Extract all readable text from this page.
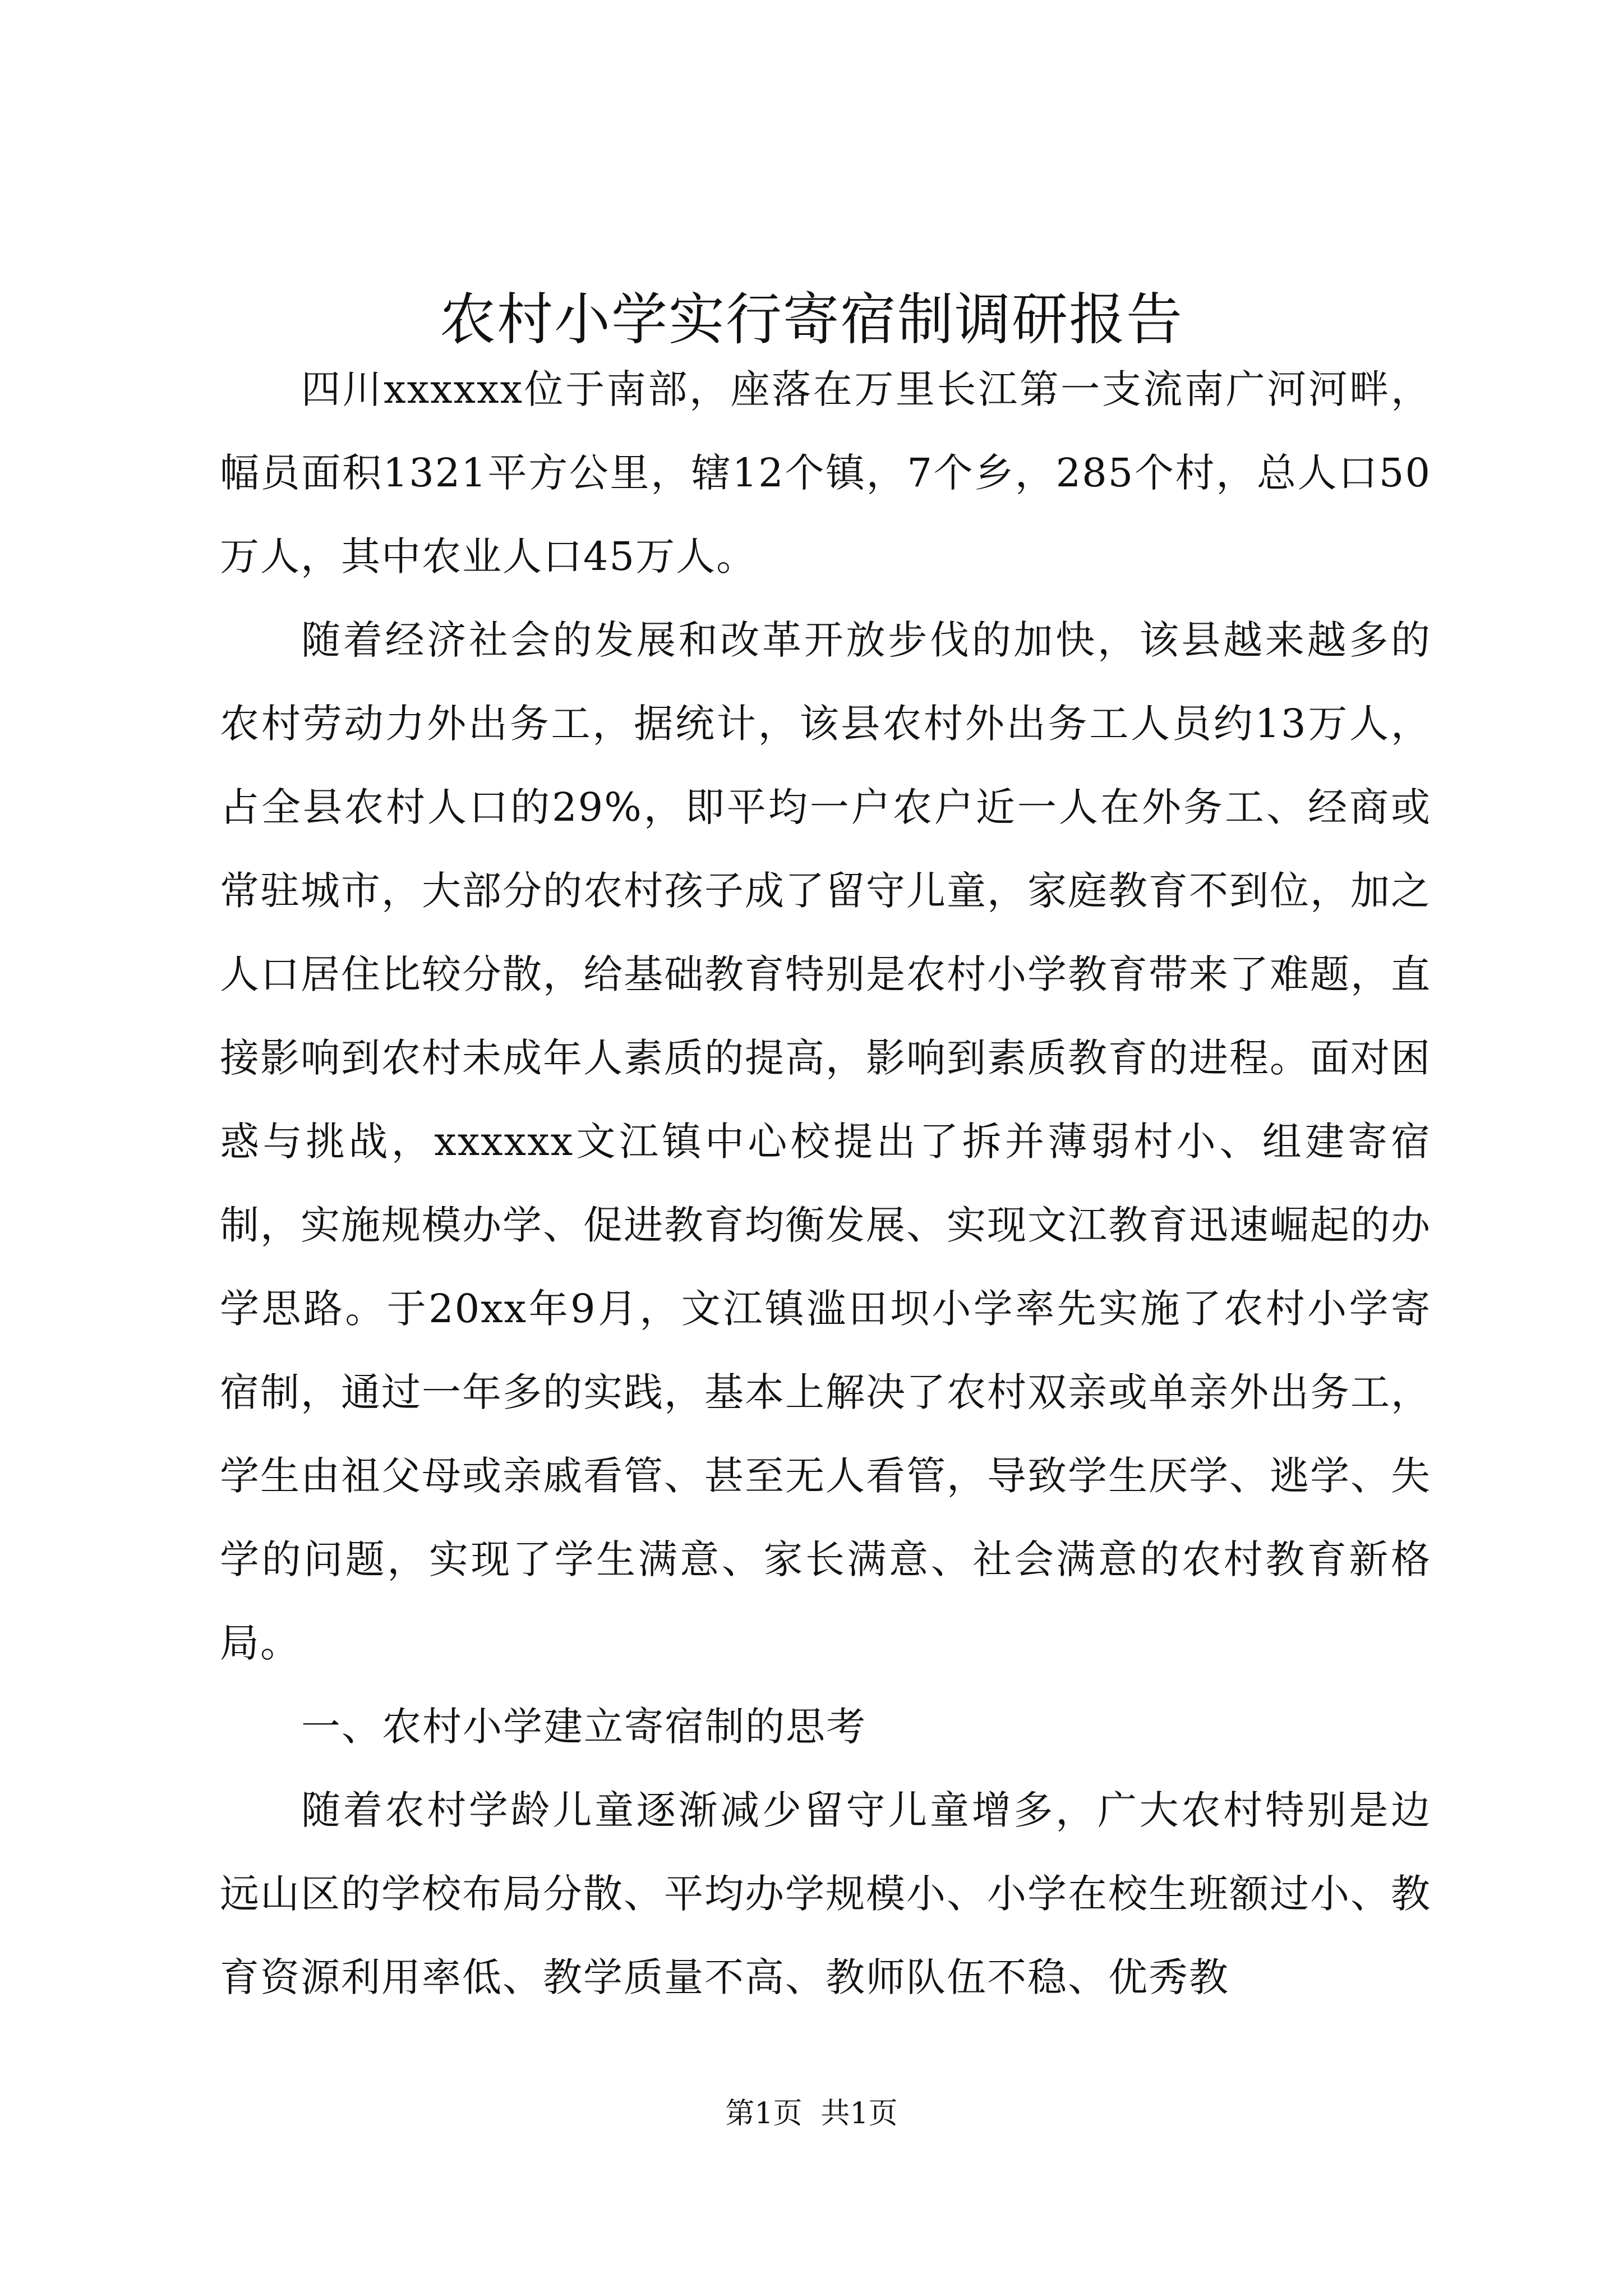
农村小学实行寄宿制调研报告

四川xxxxxx位于南部，座落在万里长江第一支流南广河河畔，幅员面积1321平方公里，辖12个镇，7个乡，285个村，总人口50万人，其中农业人口45万人。

随着经济社会的发展和改革开放步伐的加快，该县越来越多的农村劳动力外出务工，据统计，该县农村外出务工人员约13万人，占全县农村人口的29%，即平均一户农户近一人在外务工、经商或常驻城市，大部分的农村孩子成了留守儿童，家庭教育不到位，加之人口居住比较分散，给基础教育特别是农村小学教育带来了难题，直接影响到农村未成年人素质的提高，影响到素质教育的进程。面对困惑与挑战，xxxxxx文江镇中心校提出了拆并薄弱村小、组建寄宿制，实施规模办学、促进教育均衡发展、实现文江教育迅速崛起的办学思路。于20xx年9月，文江镇滥田坝小学率先实施了农村小学寄宿制，通过一年多的实践，基本上解决了农村双亲或单亲外出务工，学生由祖父母或亲戚看管、甚至无人看管，导致学生厌学、逃学、失学的问题，实现了学生满意、家长满意、社会满意的农村教育新格局。

一、农村小学建立寄宿制的思考

随着农村学龄儿童逐渐减少留守儿童增多，广大农村特别是边远山区的学校布局分散、平均办学规模小、小学在校生班额过小、教育资源利用率低、教学质量不高、教师队伍不稳、优秀教

第1页  共1页
